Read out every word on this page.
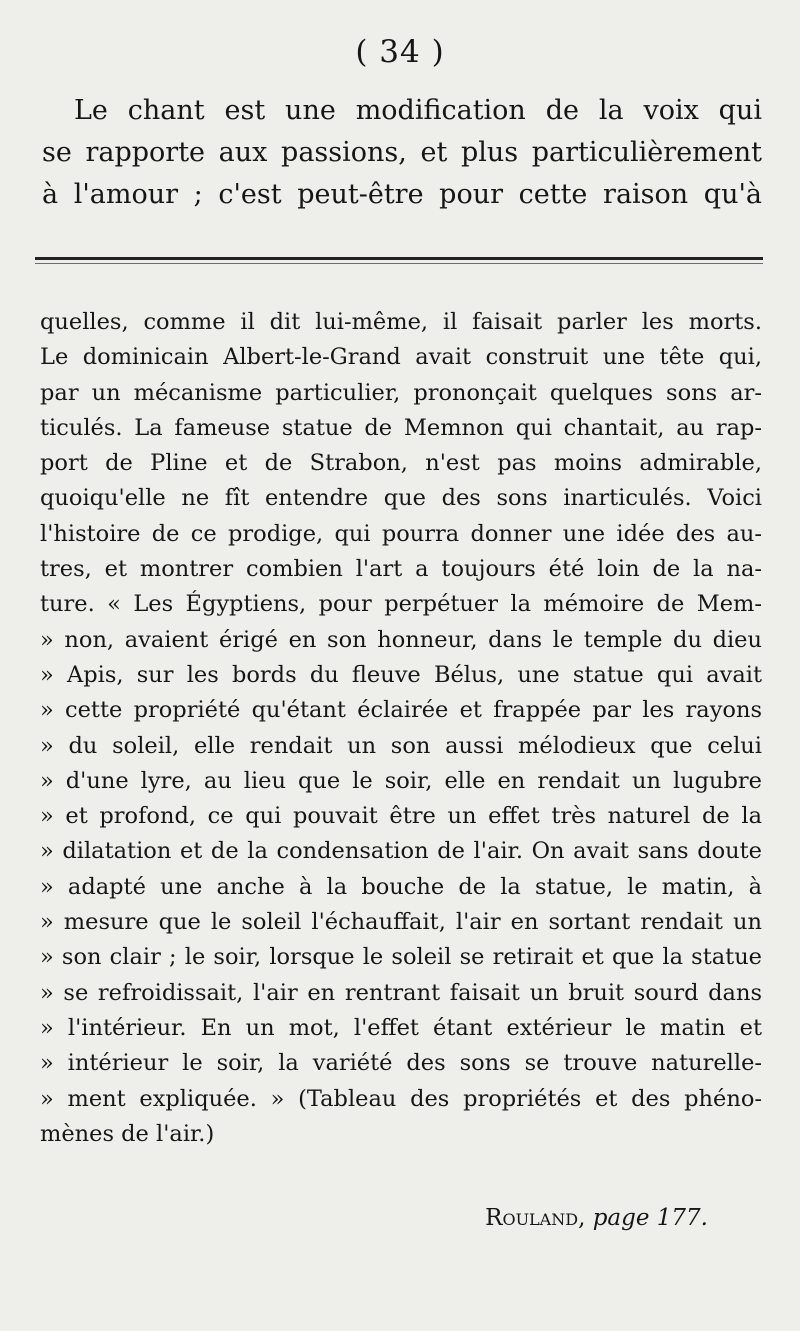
( 34 )
Le chant est une modification de la voix qui
se rapporte aux passions, et plus particulièrement
à l'amour ; c'est peut-être pour cette raison qu'à
quelles, comme il dit lui-même, il faisait parler les morts.
Le dominicain Albert-le-Grand avait construit une tête qui,
par un mécanisme particulier, prononçait quelques sons ar-
ticulés. La fameuse statue de Memnon qui chantait, au rap-
port de Pline et de Strabon, n'est pas moins admirable,
quoiqu'elle ne fît entendre que des sons inarticulés. Voici
l'histoire de ce prodige, qui pourra donner une idée des au-
tres, et montrer combien l'art a toujours été loin de la na-
ture. « Les Égyptiens, pour perpétuer la mémoire de Mem-
» non, avaient érigé en son honneur, dans le temple du dieu
» Apis, sur les bords du fleuve Bélus, une statue qui avait
» cette propriété qu'étant éclairée et frappée par les rayons
» du soleil, elle rendait un son aussi mélodieux que celui
» d'une lyre, au lieu que le soir, elle en rendait un lugubre
» et profond, ce qui pouvait être un effet très naturel de la
» dilatation et de la condensation de l'air. On avait sans doute
» adapté une anche à la bouche de la statue, le matin, à
» mesure que le soleil l'échauffait, l'air en sortant rendait un
» son clair ; le soir, lorsque le soleil se retirait et que la statue
» se refroidissait, l'air en rentrant faisait un bruit sourd dans
» l'intérieur. En un mot, l'effet étant extérieur le matin et
» intérieur le soir, la variété des sons se trouve naturelle-
» ment expliquée. » (Tableau des propriétés et des phéno-
mènes de l'air.)
Rouland, page 177.
